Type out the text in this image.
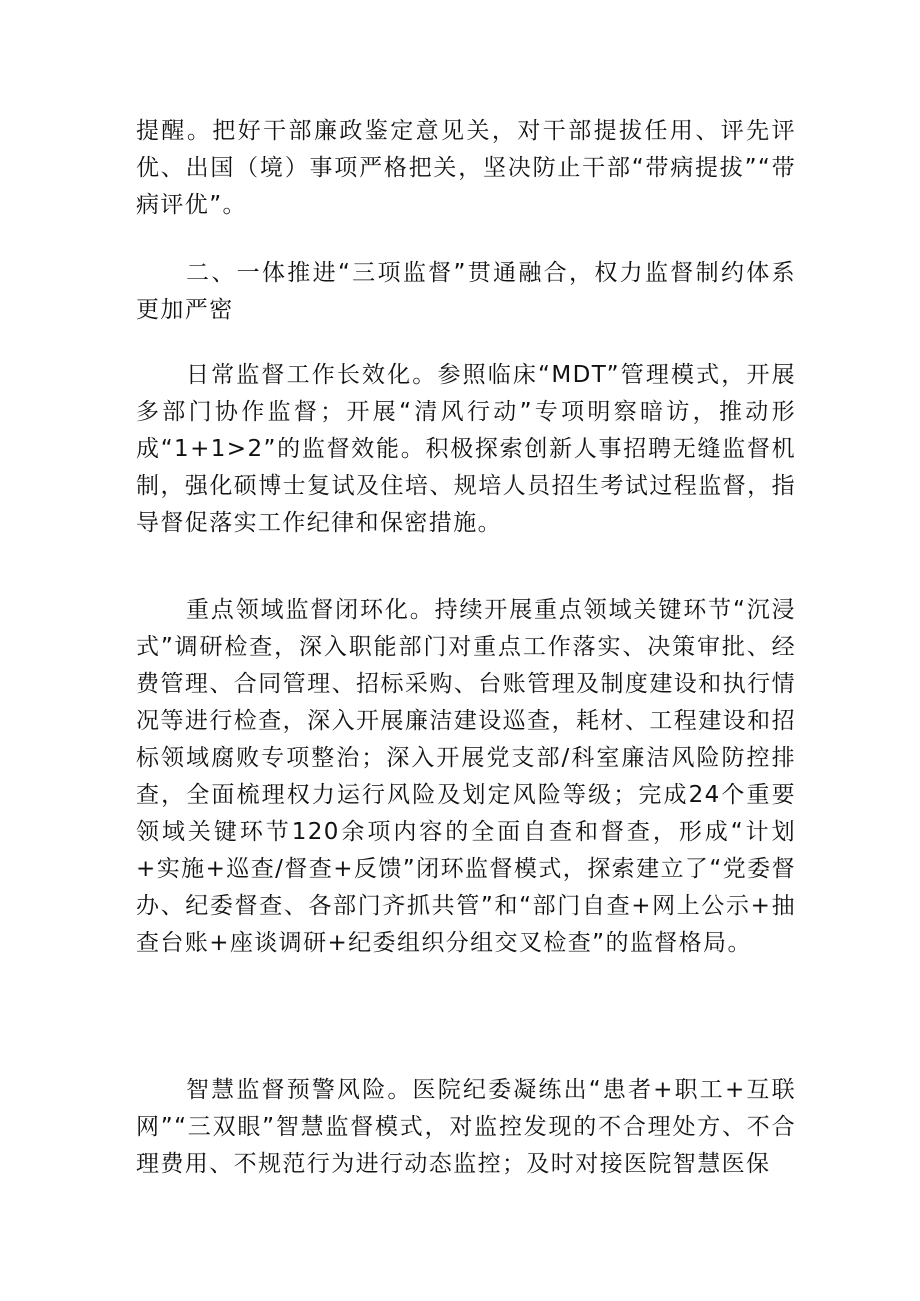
提醒。把好干部廉政鉴定意见关，对干部提拔任用、评先评优、出国（境）事项严格把关，坚决防止干部“带病提拔”“带病评优”。

二、一体推进“三项监督”贯通融合，权力监督制约体系更加严密

日常监督工作长效化。参照临床“MDT”管理模式，开展多部门协作监督；开展“清风行动”专项明察暗访，推动形成“1+1>2”的监督效能。积极探索创新人事招聘无缝监督机制，强化硕博士复试及住培、规培人员招生考试过程监督，指导督促落实工作纪律和保密措施。

重点领域监督闭环化。持续开展重点领域关键环节“沉浸式”调研检查，深入职能部门对重点工作落实、决策审批、经费管理、合同管理、招标采购、台账管理及制度建设和执行情况等进行检查，深入开展廉洁建设巡查，耗材、工程建设和招标领域腐败专项整治；深入开展党支部/科室廉洁风险防控排查，全面梳理权力运行风险及划定风险等级；完成24个重要领域关键环节120余项内容的全面自查和督查，形成“计划+实施+巡查/督查+反馈”闭环监督模式，探索建立了“党委督办、纪委督查、各部门齐抓共管”和“部门自查+网上公示+抽查台账+座谈调研+纪委组织分组交叉检查”的监督格局。

智慧监督预警风险。医院纪委凝练出“患者+职工+互联网”“三双眼”智慧监督模式，对监控发现的不合理处方、不合理费用、不规范行为进行动态监控；及时对接医院智慧医保
